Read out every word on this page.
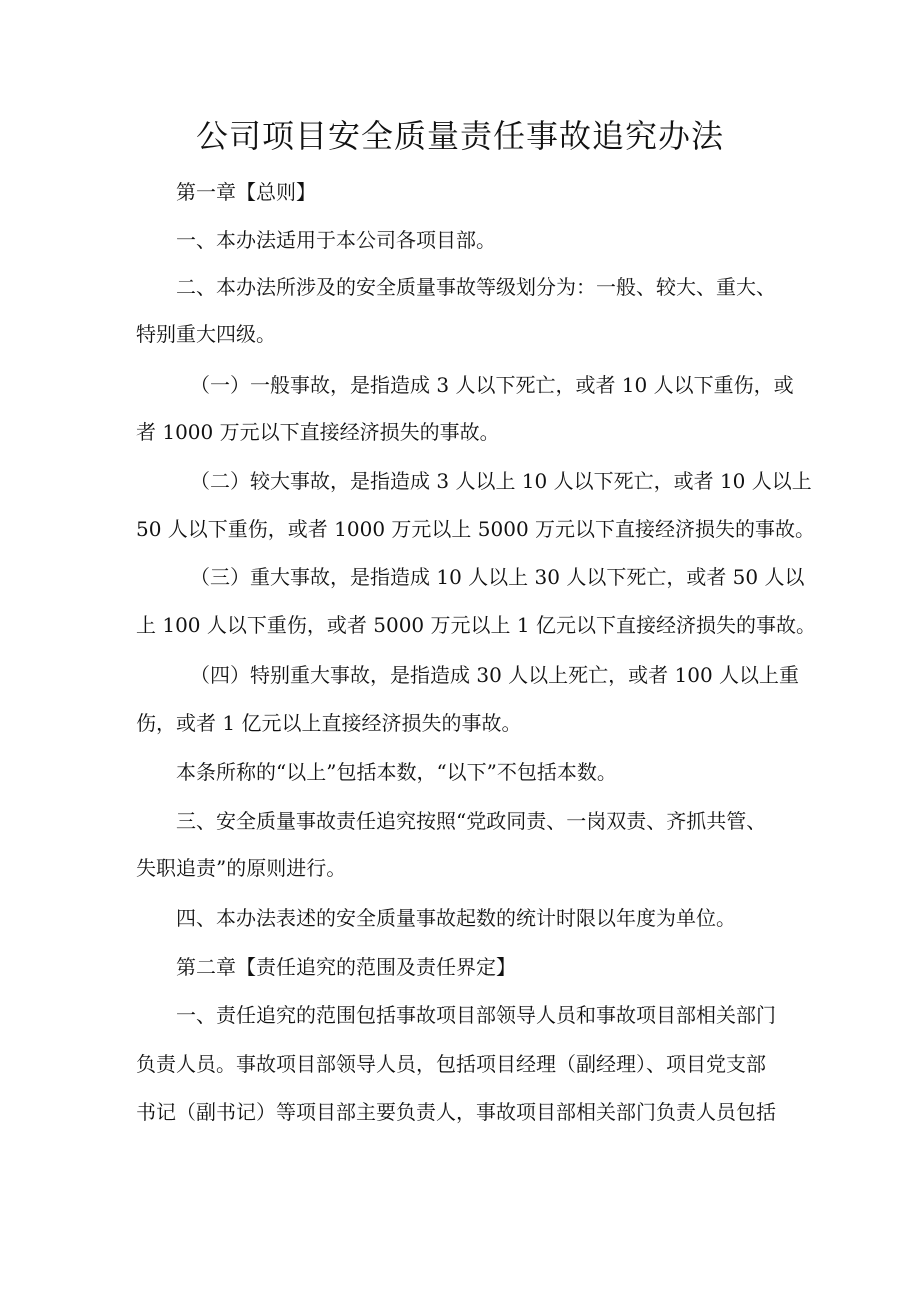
公司项目安全质量责任事故追究办法
第一章【总则】
一、本办法适用于本公司各项目部。
二、本办法所涉及的安全质量事故等级划分为：一般、较大、重大、
特别重大四级。
（一）一般事故，是指造成 3 人以下死亡，或者 10 人以下重伤，或
者 1000 万元以下直接经济损失的事故。
（二）较大事故，是指造成 3 人以上 10 人以下死亡，或者 10 人以上
50 人以下重伤，或者 1000 万元以上 5000 万元以下直接经济损失的事故。
（三）重大事故，是指造成 10 人以上 30 人以下死亡，或者 50 人以
上 100 人以下重伤，或者 5000 万元以上 1 亿元以下直接经济损失的事故。
（四）特别重大事故，是指造成 30 人以上死亡，或者 100 人以上重
伤，或者 1 亿元以上直接经济损失的事故。
本条所称的“以上”包括本数，“以下”不包括本数。
三、安全质量事故责任追究按照“党政同责、一岗双责、齐抓共管、
失职追责”的原则进行。
四、本办法表述的安全质量事故起数的统计时限以年度为单位。
第二章【责任追究的范围及责任界定】
一、责任追究的范围包括事故项目部领导人员和事故项目部相关部门
负责人员。事故项目部领导人员，包括项目经理（副经理）、项目党支部
书记（副书记）等项目部主要负责人，事故项目部相关部门负责人员包括
